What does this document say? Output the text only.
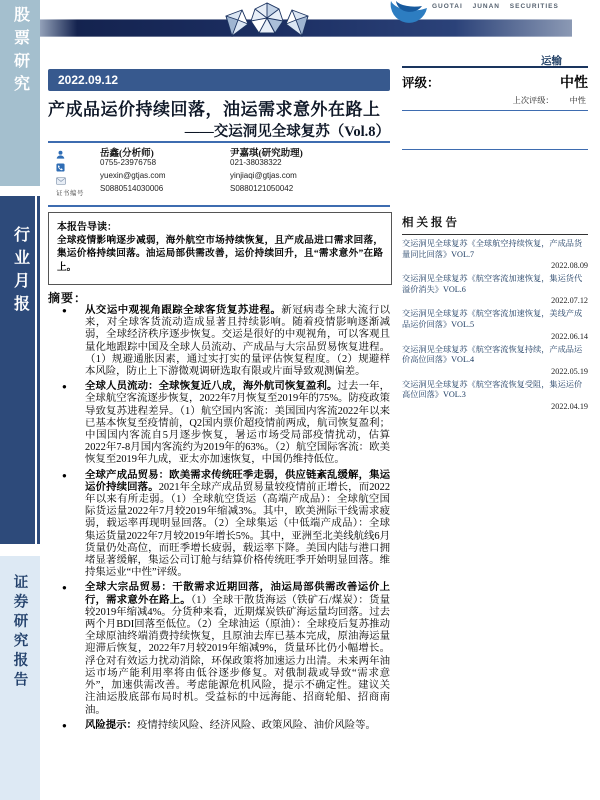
股票研究
行业月报
证券研究报告
GUOTAI JUNAN SECURITIES
运输
2022.09.12
产成品运价持续回落，油运需求意外在路上
——交运洞见全球复苏（Vol.8）
证书编号
岳鑫(分析师)
0755-23976758
yuexin@gtjas.com
S0880514030006
尹嘉琪(研究助理)
021-38038322
yinjiaqi@gtjas.com
S0880121050042
本报告导读：
全球疫情影响逐步减弱，海外航空市场持续恢复，且产成品进口需求回落，集运价格持续回落。油运局部供需改善，运价持续回升，且“需求意外”在路上。
摘要：
●	从交运中观视角跟踪全球客货复苏进程。新冠病毒全球大流行以来，对全球客货流动造成显著且持续影响。随着疫情影响逐渐减弱，全球经济秩序逐步恢复。交运是很好的中观视角，可以客观且量化地跟踪中国及全球人员流动、产成品与大宗品贸易恢复进程。（1）规避通胀因素，通过实打实的量评估恢复程度。（2）规避样本风险，防止上下游微观调研选取有限或片面导致观测偏差。
●	全球人员流动：全球恢复近八成，海外航司恢复盈利。过去一年，全球航空客流逐步恢复，2022年7月恢复至2019年的75%。防疫政策导致复苏进程差异。（1）航空国内客流：美国国内客流2022年以来已基本恢复至疫情前，Q2国内票价超疫情前两成，航司恢复盈利；中国国内客流自5月逐步恢复，暑运市场受局部疫情扰动，估算2022年7-8月国内客流约为2019年的63%。（2）航空国际客流：欧美恢复至2019年九成，亚太亦加速恢复，中国仍维持低位。
●	全球产成品贸易：欧美需求传统旺季走弱，供应链紊乱缓解，集运运价持续回落。2021年全球产成品贸易量较疫情前正增长，而2022年以来有所走弱。（1）全球航空货运（高端产成品）：全球航空国际货运量2022年7月较2019年缩减3%。其中，欧美洲际干线需求疲弱，载运率再现明显回落。（2）全球集运（中低端产成品）：全球集运货量2022年7月较2019年增长5%。其中，亚洲至北美线航线6月货量仍处高位，而旺季增长疲弱，载运率下降。美国内陆与港口拥堵显著缓解，集运公司订舱与结算价格传统旺季开始明显回落。维持集运业“中性”评级。
●	全球大宗品贸易：干散需求近期回落，油运局部供需改善运价上行，需求意外在路上。（1）全球干散货海运（铁矿石/煤炭）：货量较2019年缩减4%。分货种来看，近期煤炭铁矿海运量均回落。过去两个月BDI回落至低位。（2）全球油运（原油）：全球疫后复苏推动全球原油终端消费持续恢复，且原油去库已基本完成，原油海运量迎滞后恢复，2022年7月较2019年缩减9%，货量环比仍小幅增长。浮仓对有效运力扰动消除，环保政策将加速运力出清。未来两年油运市场产能利用率将由低谷逐步修复。对俄制裁或导致“需求意外”，加速供需改善。考虑能源危机风险，提示不确定性。建议关注油运股底部布局时机。受益标的中远海能、招商轮船、招商南油。
●	风险提示：疫情持续风险、经济风险、政策风险、油价风险等。
评级：	中性
上次评级： 中性
相关报告
交运洞见全球复苏《全球航空持续恢复，产成品货量同比回落》VOL.7
2022.08.09
交运洞见全球复苏《航空客流加速恢复，集运货代溢价消失》VOL.6
2022.07.12
交运洞见全球复苏《航空客流加速恢复，美线产成品运价回落》VOL.5
2022.06.14
交运洞见全球复苏《航空客流恢复持续，产成品运价高位回落》VOL.4
2022.05.19
交运洞见全球复苏《航空客流恢复受阻，集运运价高位回落》VOL.3
2022.04.19
